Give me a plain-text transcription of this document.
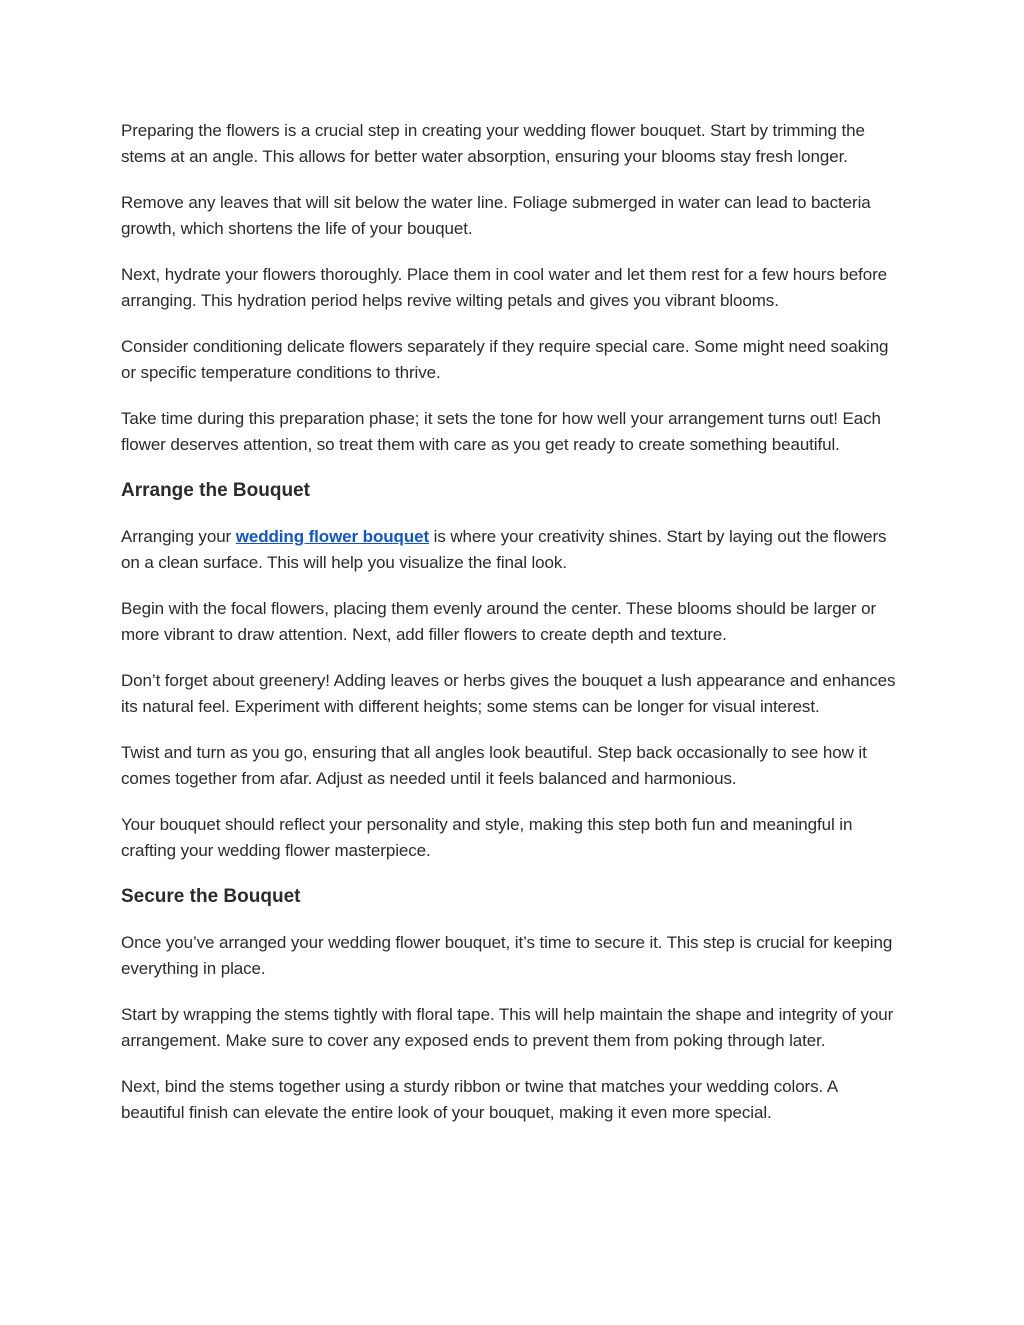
Preparing the flowers is a crucial step in creating your wedding flower bouquet. Start by trimming the stems at an angle. This allows for better water absorption, ensuring your blooms stay fresh longer.

Remove any leaves that will sit below the water line. Foliage submerged in water can lead to bacteria growth, which shortens the life of your bouquet.

Next, hydrate your flowers thoroughly. Place them in cool water and let them rest for a few hours before arranging. This hydration period helps revive wilting petals and gives you vibrant blooms.

Consider conditioning delicate flowers separately if they require special care. Some might need soaking or specific temperature conditions to thrive.

Take time during this preparation phase; it sets the tone for how well your arrangement turns out! Each flower deserves attention, so treat them with care as you get ready to create something beautiful.

Arrange the Bouquet

Arranging your wedding flower bouquet is where your creativity shines. Start by laying out the flowers on a clean surface. This will help you visualize the final look.

Begin with the focal flowers, placing them evenly around the center. These blooms should be larger or more vibrant to draw attention. Next, add filler flowers to create depth and texture.

Don’t forget about greenery! Adding leaves or herbs gives the bouquet a lush appearance and enhances its natural feel. Experiment with different heights; some stems can be longer for visual interest.

Twist and turn as you go, ensuring that all angles look beautiful. Step back occasionally to see how it comes together from afar. Adjust as needed until it feels balanced and harmonious.

Your bouquet should reflect your personality and style, making this step both fun and meaningful in crafting your wedding flower masterpiece.

Secure the Bouquet

Once you’ve arranged your wedding flower bouquet, it’s time to secure it. This step is crucial for keeping everything in place.

Start by wrapping the stems tightly with floral tape. This will help maintain the shape and integrity of your arrangement. Make sure to cover any exposed ends to prevent them from poking through later.

Next, bind the stems together using a sturdy ribbon or twine that matches your wedding colors. A beautiful finish can elevate the entire look of your bouquet, making it even more special.
